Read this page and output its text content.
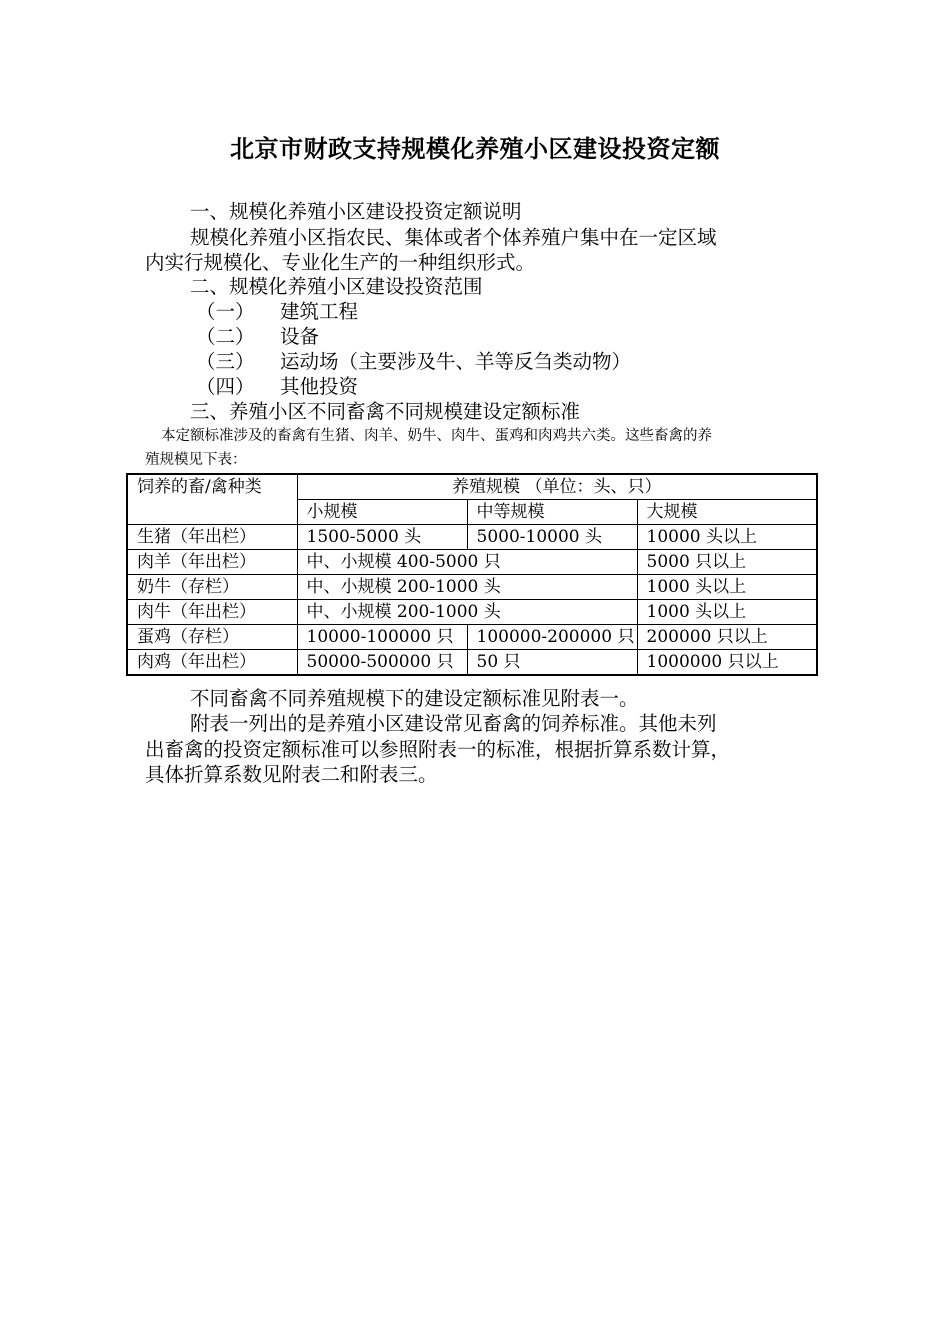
北京市财政支持规模化养殖小区建设投资定额
一、规模化养殖小区建设投资定额说明
规模化养殖小区指农民、集体或者个体养殖户集中在一定区域
内实行规模化、专业化生产的一种组织形式。
二、规模化养殖小区建设投资范围
（一） 建筑工程
（二） 设备
（三） 运动场（主要涉及牛、羊等反刍类动物）
（四） 其他投资
三、养殖小区不同畜禽不同规模建设定额标准
本定额标准涉及的畜禽有生猪、肉羊、奶牛、肉牛、蛋鸡和肉鸡共六类。这些畜禽的养
殖规模见下表：
饲养的畜/禽种类	养殖规模 （单位：头、只）		
	小规模	中等规模	大规模
生猪（年出栏）	1500-5000 头	5000-10000 头	10000 头以上
肉羊（年出栏）	中、小规模 400-5000 只		5000 只以上
奶牛（存栏）	中、小规模 200-1000 头		1000 头以上
肉牛（年出栏）	中、小规模 200-1000 头		1000 头以上
蛋鸡（存栏）	10000-100000 只	100000-200000 只	200000 只以上
肉鸡（年出栏）	50000-500000 只	50 只	1000000 只以上
不同畜禽不同养殖规模下的建设定额标准见附表一。
附表一列出的是养殖小区建设常见畜禽的饲养标准。其他未列
出畜禽的投资定额标准可以参照附表一的标准，根据折算系数计算，
具体折算系数见附表二和附表三。
